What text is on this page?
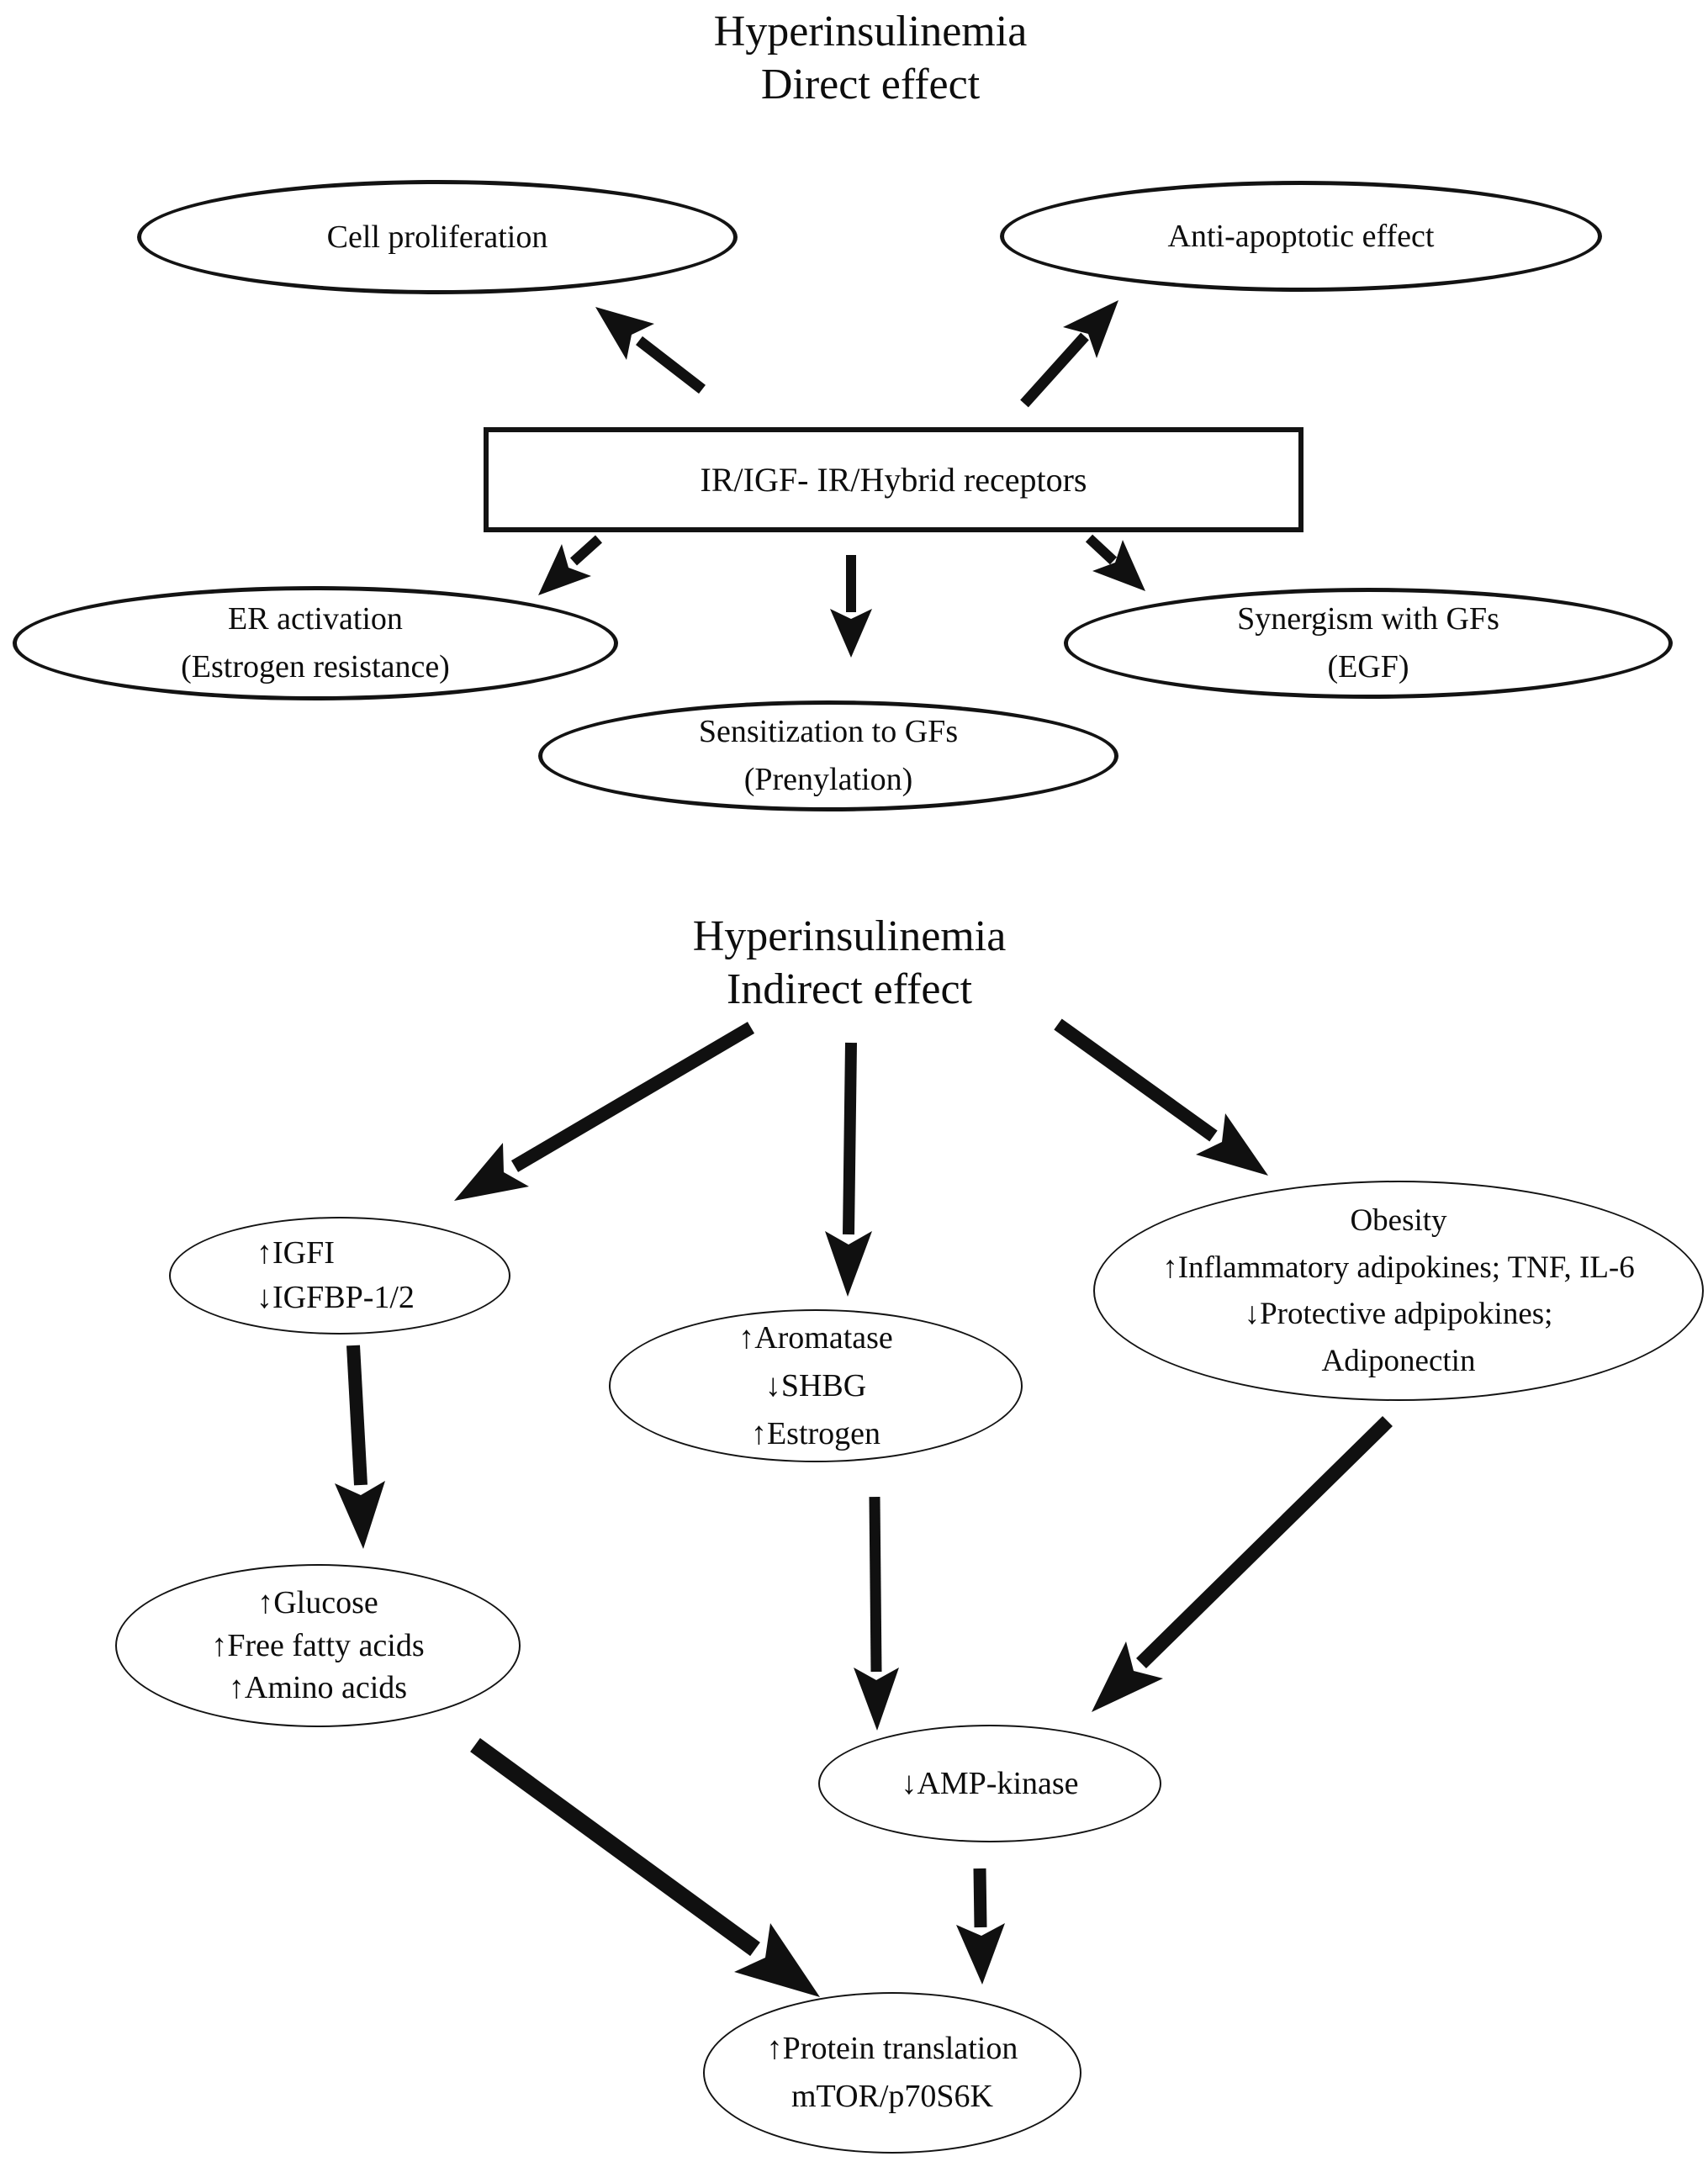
Hyperinsulinemia
Direct effect
Cell proliferation	Anti-apoptotic effect
IR/IGF- IR/Hybrid receptors
ER activation
(Estrogen resistance)
Sensitization to GFs
(Prenylation)
Synergism with GFs
(EGF)
Hyperinsulinemia
Indirect effect
↑IGFI
↓IGFBP-1/2
↑Aromatase
↓SHBG
↑Estrogen
Obesity
↑Inflammatory adipokines; TNF, IL-6
↓Protective adpipokines;
Adiponectin
↑Glucose
↑Free fatty acids
↑Amino acids
↓AMP-kinase
↑Protein translation
mTOR/p70S6K
